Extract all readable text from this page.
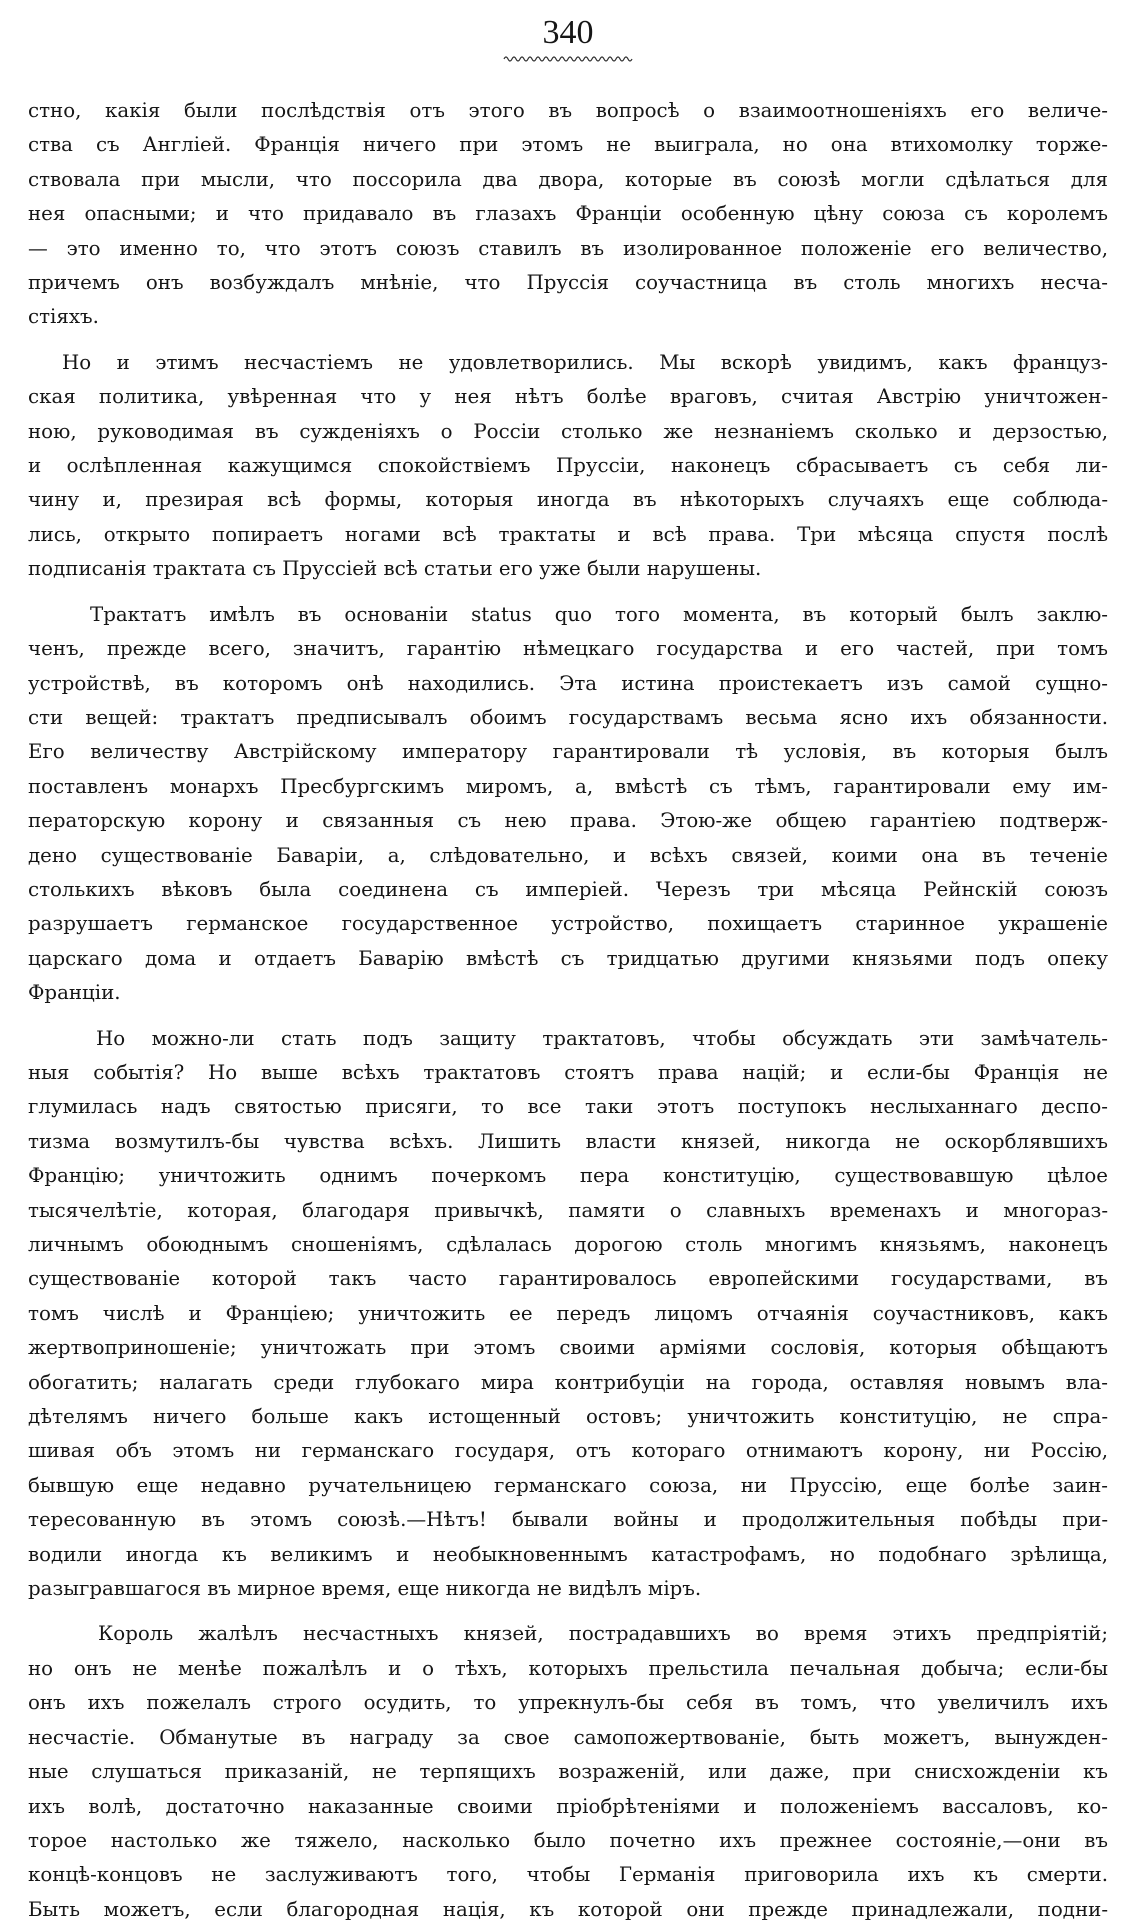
340

стно, какія были послѣдствія отъ этого въ вопросѣ о взаимоотношеніяхъ его величе-
ства съ Англіей. Франція ничего при этомъ не выиграла, но она втихомолку торже-
ствовала при мысли, что поссорила два двора, которые въ союзѣ могли сдѣлаться для
нея опасными; и что придавало въ глазахъ Франціи особенную цѣну союза съ королемъ
— это именно то, что этотъ союзъ ставилъ въ изолированное положеніе его величество,
причемъ онъ возбуждалъ мнѣніе, что Пруссія соучастница въ столь многихъ несча-
стіяхъ.

Но и этимъ несчастіемъ не удовлетворились. Мы вскорѣ увидимъ, какъ француз-
ская политика, увѣренная что у нея нѣтъ болѣе враговъ, считая Австрію уничтожен-
ною, руководимая въ сужденіяхъ о Россіи столько же незнаніемъ сколько и дерзостью,
и ослѣпленная кажущимся спокойствіемъ Пруссіи, наконецъ сбрасываетъ съ себя ли-
чину и, презирая всѣ формы, которыя иногда въ нѣкоторыхъ случаяхъ еще соблюда-
лись, открыто попираетъ ногами всѣ трактаты и всѣ права. Три мѣсяца спустя послѣ
подписанія трактата съ Пруссіей всѣ статьи его уже были нарушены.

Трактатъ имѣлъ въ основаніи status quo того момента, въ который былъ заклю-
ченъ, прежде всего, значитъ, гарантію нѣмецкаго государства и его частей, при томъ
устройствѣ, въ которомъ онѣ находились. Эта истина проистекаетъ изъ самой сущно-
сти вещей: трактатъ предписывалъ обоимъ государствамъ весьма ясно ихъ обязанности.
Его величеству Австрійскому императору гарантировали тѣ условія, въ которыя былъ
поставленъ монархъ Пресбургскимъ миромъ, а, вмѣстѣ съ тѣмъ, гарантировали ему им-
ператорскую корону и связанныя съ нею права. Этою-же общею гарантіею подтверж-
дено существованіе Баваріи, а, слѣдовательно, и всѣхъ связей, коими она въ теченіе
столькихъ вѣковъ была соединена съ имперіей. Черезъ три мѣсяца Рейнскій союзъ
разрушаетъ германское государственное устройство, похищаетъ старинное украшеніе
царскаго дома и отдаетъ Баварію вмѣстѣ съ тридцатью другими князьями подъ опеку
Франціи.

Но можно-ли стать подъ защиту трактатовъ, чтобы обсуждать эти замѣчатель-
ныя событія? Но выше всѣхъ трактатовъ стоятъ права націй; и если-бы Франція не
глумилась надъ святостью присяги, то все таки этотъ поступокъ неслыханнаго деспо-
тизма возмутилъ-бы чувства всѣхъ. Лишить власти князей, никогда не оскорблявшихъ
Францію; уничтожить однимъ почеркомъ пера конституцію, существовавшую цѣлое
тысячелѣтіе, которая, благодаря привычкѣ, памяти о славныхъ временахъ и многораз-
личнымъ обоюднымъ сношеніямъ, сдѣлалась дорогою столь многимъ князьямъ, наконецъ
существованіе которой такъ часто гарантировалось европейскими государствами, въ
томъ числѣ и Франціею; уничтожить ее передъ лицомъ отчаянія соучастниковъ, какъ
жертвоприношеніе; уничтожать при этомъ своими арміями сословія, которыя обѣщаютъ
обогатить; налагать среди глубокаго мира контрибуціи на города, оставляя новымъ вла-
дѣтелямъ ничего больше какъ истощенный остовъ; уничтожить конституцію, не спра-
шивая объ этомъ ни германскаго государя, отъ котораго отнимаютъ корону, ни Россію,
бывшую еще недавно ручательницею германскаго союза, ни Пруссію, еще болѣе заин-
тересованную въ этомъ союзѣ.—Нѣтъ! бывали войны и продолжительныя побѣды при-
водили иногда къ великимъ и необыкновеннымъ катастрофамъ, но подобнаго зрѣлища,
разыгравшагося въ мирное время, еще никогда не видѣлъ міръ.

Король жалѣлъ несчастныхъ князей, пострадавшихъ во время этихъ предпріятій;
но онъ не менѣе пожалѣлъ и о тѣхъ, которыхъ прельстила печальная добыча; если-бы
онъ ихъ пожелалъ строго осудить, то упрекнулъ-бы себя въ томъ, что увеличилъ ихъ
несчастіе. Обманутые въ награду за свое самопожертвованіе, быть можетъ, вынужден-
ные слушаться приказаній, не терпящихъ возраженій, или даже, при снисхожденіи къ
ихъ волѣ, достаточно наказанные своими пріобрѣтеніями и положеніемъ вассаловъ, ко-
торое настолько же тяжело, насколько было почетно ихъ прежнее состояніе,—они въ
концѣ-концовъ не заслуживаютъ того, чтобы Германія приговорила ихъ къ смерти.
Быть можетъ, если благородная нація, къ которой они прежде принадлежали, подни-
